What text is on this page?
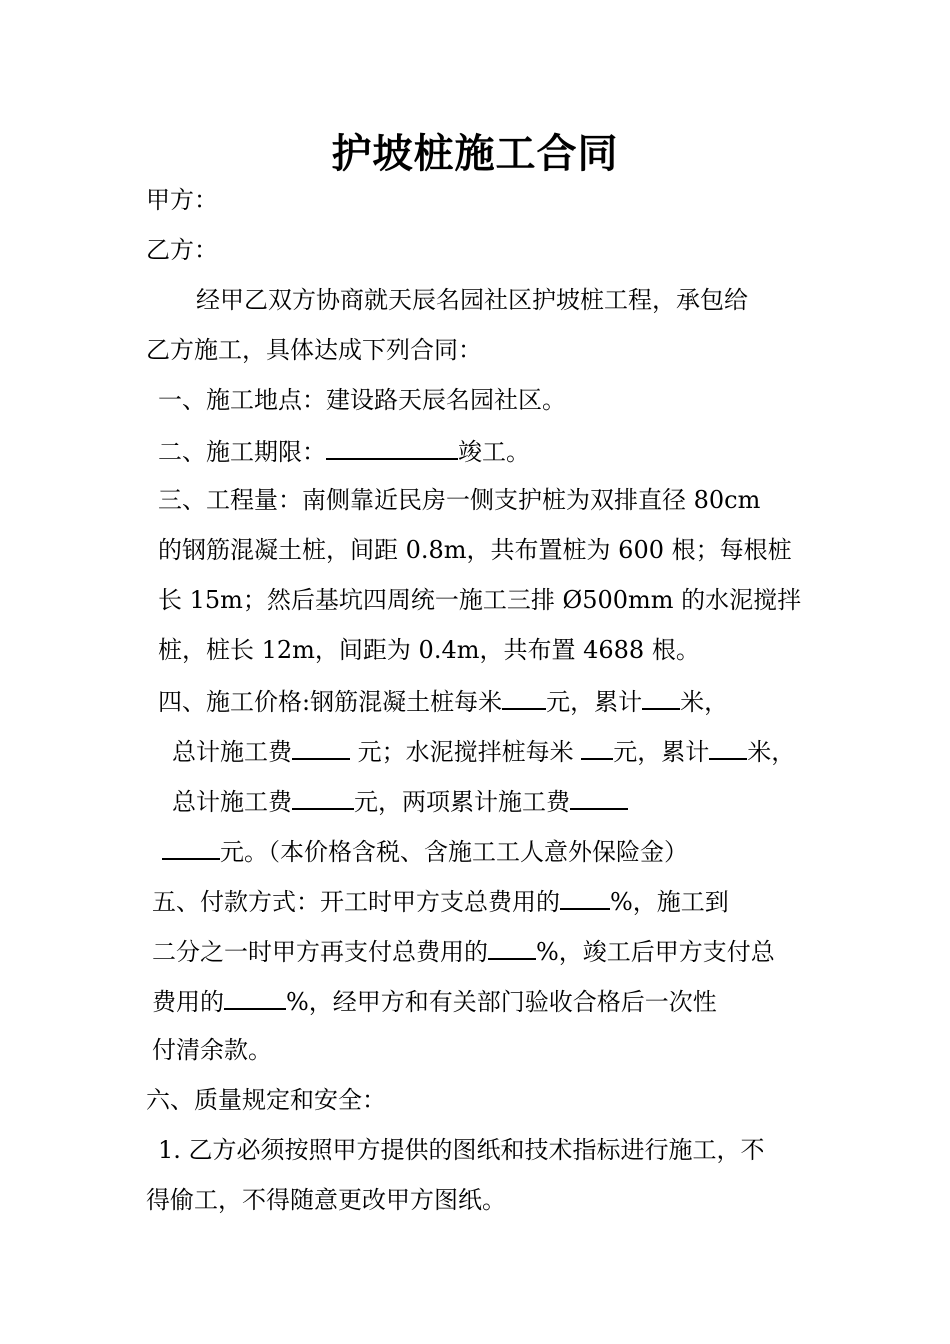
护坡桩施工合同
甲方：
乙方：
经甲乙双方协商就天辰名园社区护坡桩工程，承包给
乙方施工，具体达成下列合同：
一、施工地点：建设路天辰名园社区。
二、施工期限：	竣工。
三、工程量：南侧靠近民房一侧支护桩为双排直径 80cm
的钢筋混凝土桩，间距 0.8m，共布置桩为 600 根；每根桩
长 15m；然后基坑四周统一施工三排 Ø500mm 的水泥搅拌
桩，桩长 12m，间距为 0.4m，共布置 4688 根。
四、施工价格:钢筋混凝土桩每米 元，累计 米，
总计施工费 元；水泥搅拌桩每米 元，累计 米，
总计施工费	元，两项累计施工费
元。（本价格含税、含施工工人意外保险金）
五、付款方式：开工时甲方支总费用的 %，施工到
二分之一时甲方再支付总费用的 %，竣工后甲方支付总
费用的	%，经甲方和有关部门验收合格后一次性
付清余款。
六、质量规定和安全：
1. 乙方必须按照甲方提供的图纸和技术指标进行施工，不
得偷工，不得随意更改甲方图纸。
